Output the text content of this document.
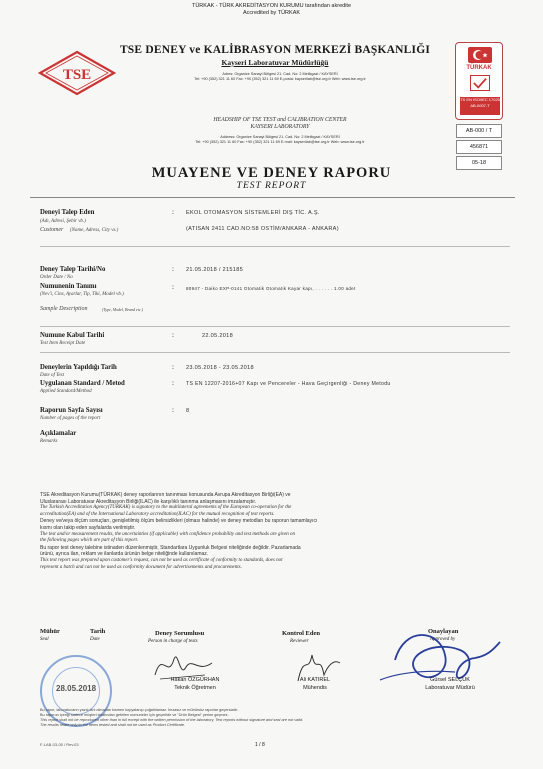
TÜRKAK - TÜRK AKREDİTASYON KURUMU tarafından akredite
Accredited by TÜRKAK
TSE	TÜRKAK
TS EN ISO/IEC 17025
AB-0007-T
TSE DENEY ve KALİBRASYON MERKEZİ BAŞKANLIĞI
Kayseri Laboratuvar Müdürlüğü
Adres: Organize Sanayi Bölgesi 21. Cad. No: 2 Melikgazi / KAYSERİ
Tel: +90 (352) 321 11 60 Fax: +90 (352) 321 11 69 E-posta: kayserilab@tse.org.tr Web: www.tse.org.tr
HEADSHIP OF TSE TEST and CALIBRATION CENTER
KAYSERI LABORATORY
Address: Organize Sanayi Bölgesi 21. Cad. No: 2 Melikgazi / KAYSERİ
Tel: +90 (352) 321 11 60 Fax: +90 (352) 321 11 69 E-mail: kayserilab@tse.org.tr Web: www.tse.org.tr
AB-000 / T
456871
05-18
MUAYENE VE DENEY RAPORU
TEST REPORT
Deneyi Talep Eden
(Adı, Adresi, Şehir vb.)
Customer (Name, Adress, City vs.)
: EKOL OTOMASYON SİSTEMLERİ DIŞ TİC. A.Ş.
(ATISAN 2411 CAD.NO:58 OSTİM/ANKARA - ANKARA)
Deney Talep Tarihi/No
Order Date / No
: 21.05.2018 / 215185
Numunenin Tanımı
(Nev'i, Cins, Ayarlar, Tip, Tiki, Model vb.)
Sample Description	(Type, Model, Brand etc.)
:	80947 - Daiko EXP-0141 Otomatik Otomatik Kayar kapı, . . . . . . 1.00 adet
Numune Kabul Tarihi
Test Item Receipt Date
:	22.05.2018
Deneylerin Yapıldığı Tarih
Date of Test
: 23.05.2018 - 23.05.2018
Uygulanan Standard / Metod
Applied Standard/Method
: TS EN 12207-2016+07 Kapı ve Pencereler - Hava Geçirgenliği - Deney Metodu
Raporun Sayfa Sayısı
Number of pages of the report
: 8
Açıklamalar
Remarks
TSE Akreditasyon Kurumu(TÜRKAK) deney raporlarının tanınması konusunda Avrupa Akreditasyon Birliği(EA) ve
Uluslararası Laboratuvar Akreditasyon Birliği(ILAC) ile karşılıklı tanınma anlaşmasını imzalamıştır.
The Turkish Accreditation Agency(TÜRKAK) is signatory to the multilateral agreements of the European co-operation for the
accreditation(EA) and of the International Laboratory accreditation(ILAC) for the mutual recognition of test reports.
Deney ve/veya ölçüm sonuçları, genişletilmiş ölçüm belirsizlikleri (olması halinde) ve deney metodları bu raporun tamamlayıcı
kısmı olan takip eden sayfalarda verilmiştir.
The test and/or measurement results, the uncertainties (if applicable) with confidence probability and test methods are given on
the following pages which are part of this report.
Bu rapor test deney talebine istinaden düzenlenmiştir, Standartlara Uygunluk Belgesi niteliğinde değildir. Pazarlamada
ürünü, ayrıca ilan, reklam ve ilanlarda ürünün belge niteliğinde kullanılamaz.
This test report was prepared upon customer's request, can not be used as certificate of conformity to standards, does not
represent a batch and can not be used as conformity document for advertisements and procurements.
Mühür
Seal
Tarih
Date
Deney Sorumlusu
Person in charge of tests
Kontrol Eden
Reviewer
Onaylayan
Approved by
28.05.2018
Hakan ÖZGÜRHAN
Teknik Öğretmen
Ali KATIREL
Mühendis
Gürsel SELÇUK
Laboratuvar Müdürü
Bu rapor, laboratuvarın yazılı izni olmadan kısmen kopyalanıp çoğaltılamaz. İmzasız ve mühürsüz raporlar geçersizdir.
Bu raporun içeriği sadece müşteri tarafından getirilen numuneler için geçerlidir ve "Ürün Belgesi" yerine geçmez.
This report shall not be reproduced other than in full except with the written permission of the laboratory. Test reports without signature and seal are not valid.
The results relate only to the items tested and shall not be used as Product Certificate.
F-LAB-03-05 / Rev.03	1 / 8
